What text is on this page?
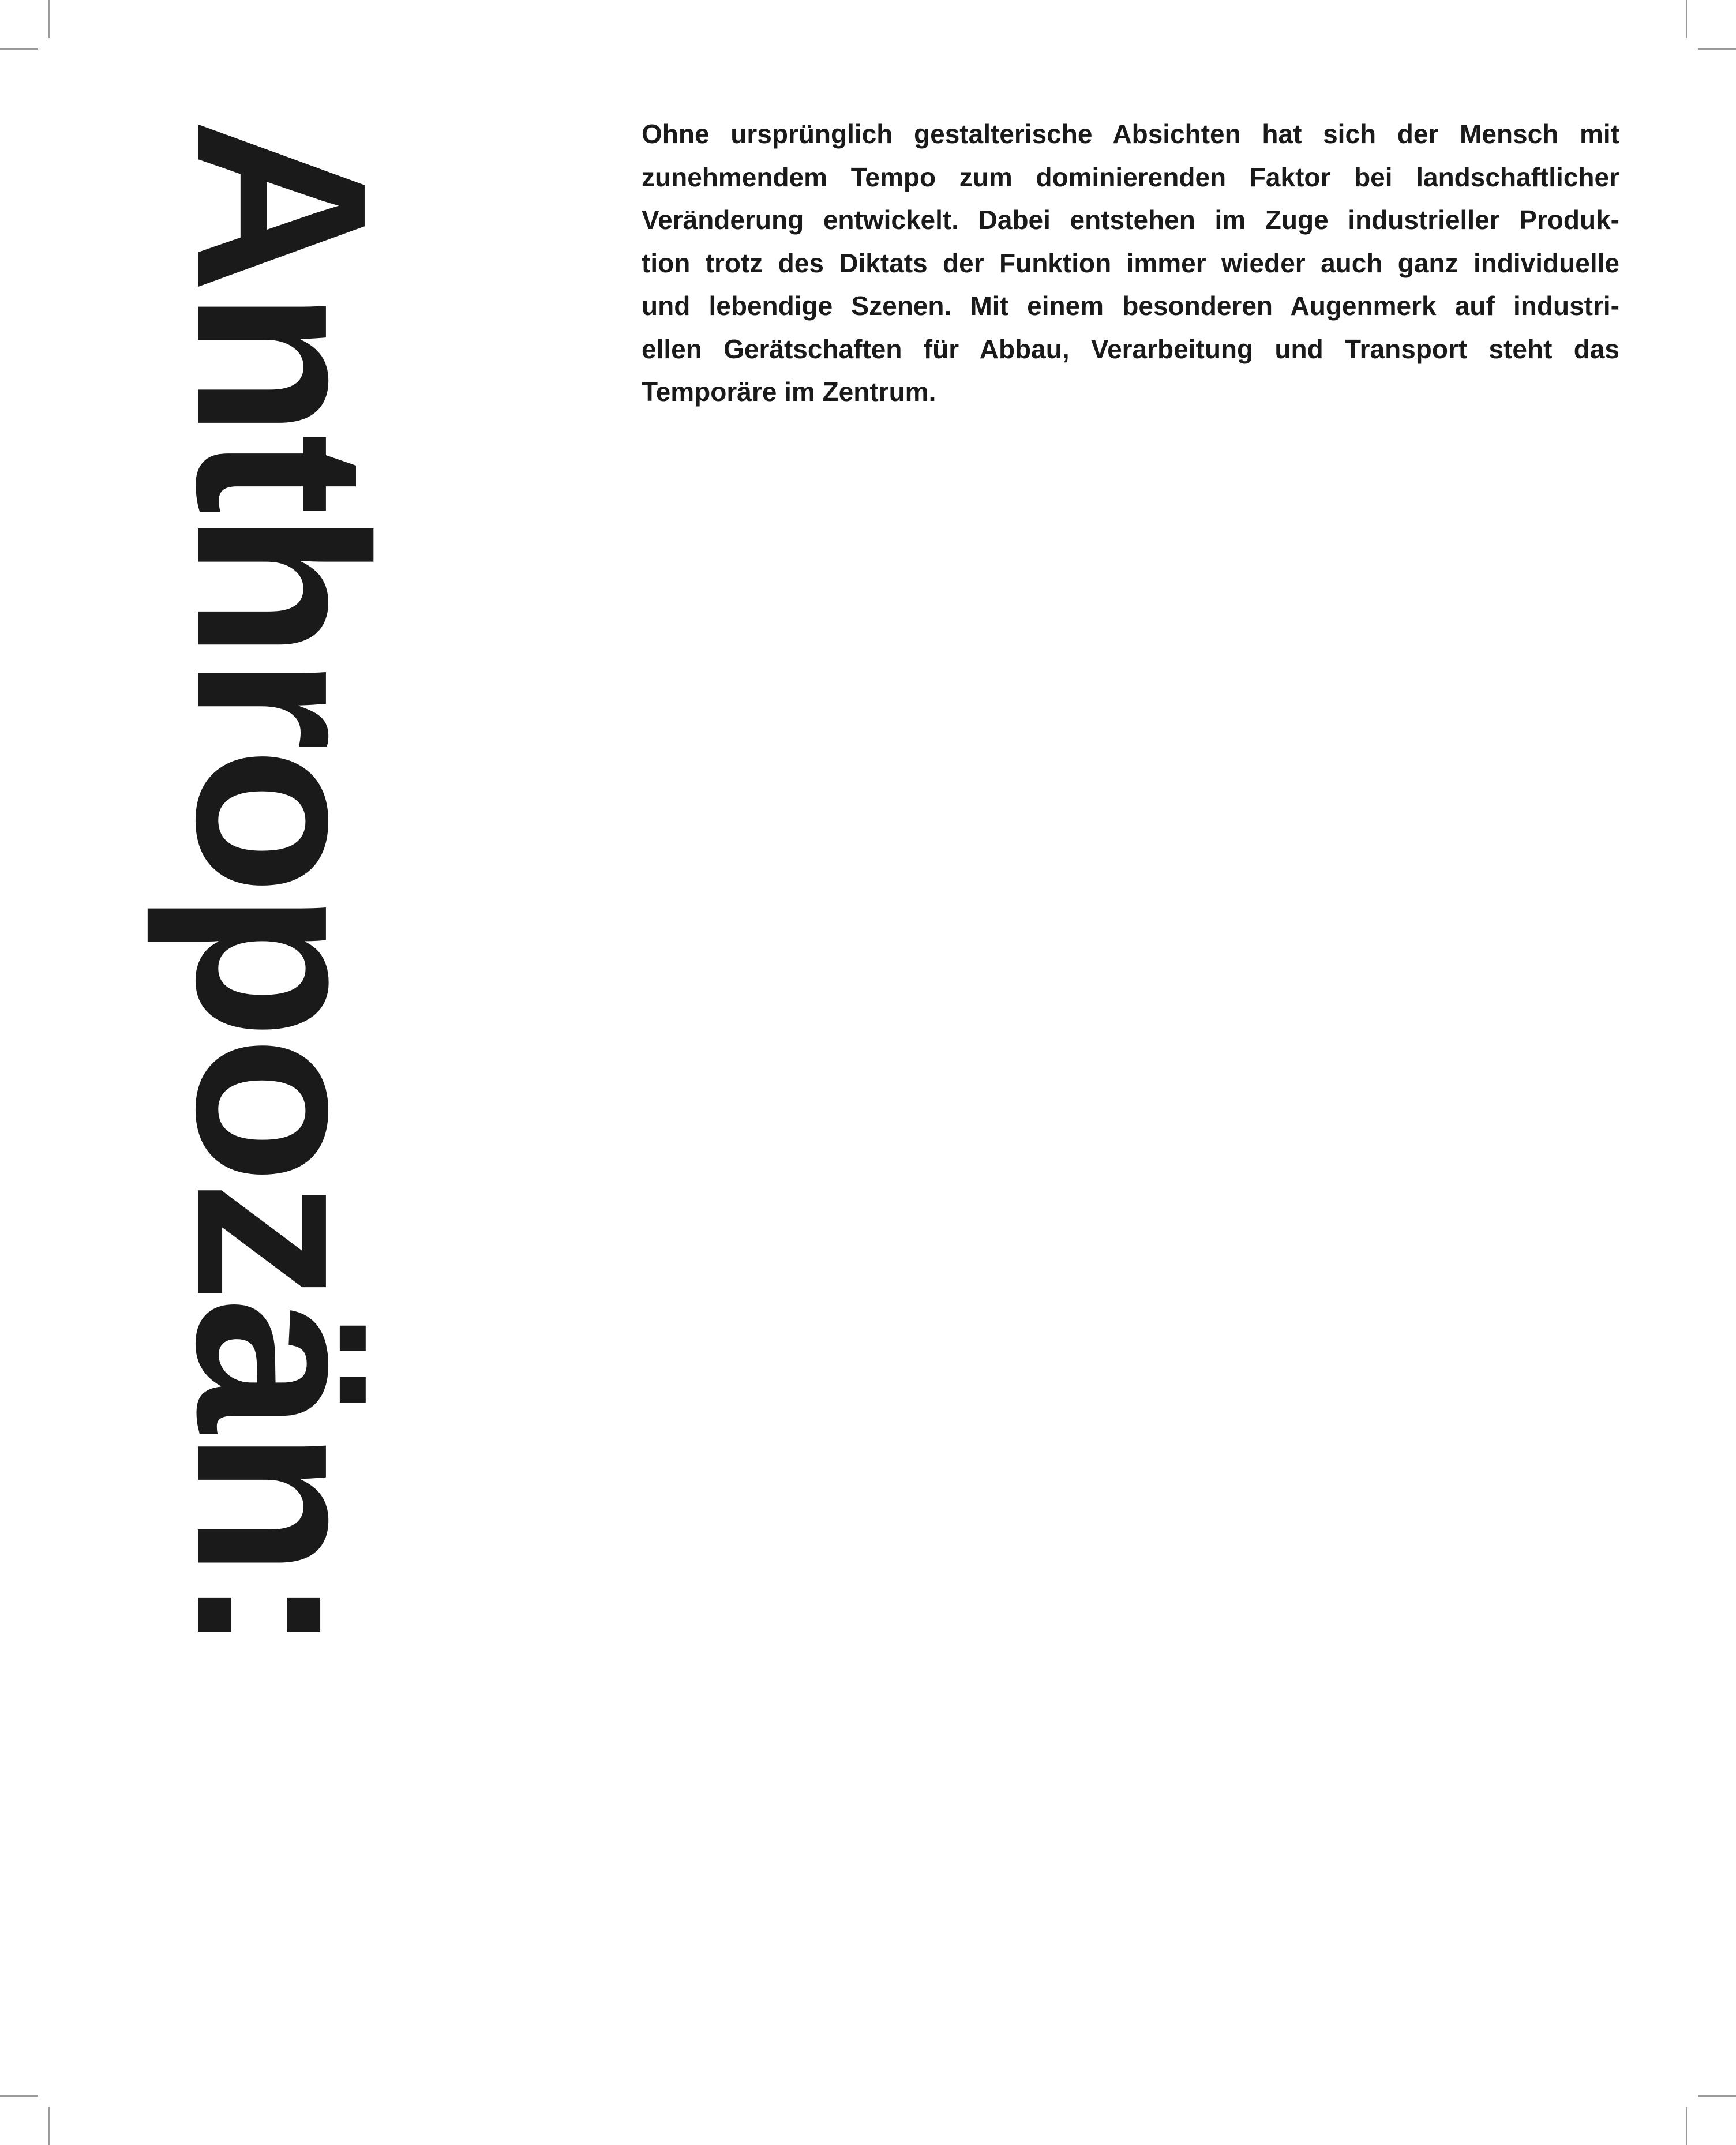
Anthropozän:	Ohne ursprünglich gestalterische Absichten hat sich der Mensch mit
zunehmendem Tempo zum dominierenden Faktor bei landschaftlicher
Veränderung entwickelt. Dabei entstehen im Zuge industrieller Produk-
tion trotz des Diktats der Funktion immer wieder auch ganz individuelle
und lebendige Szenen. Mit einem besonderen Augenmerk auf industri-
ellen Gerätschaften für Abbau, Verarbeitung und Transport steht das
Temporäre im Zentrum.
